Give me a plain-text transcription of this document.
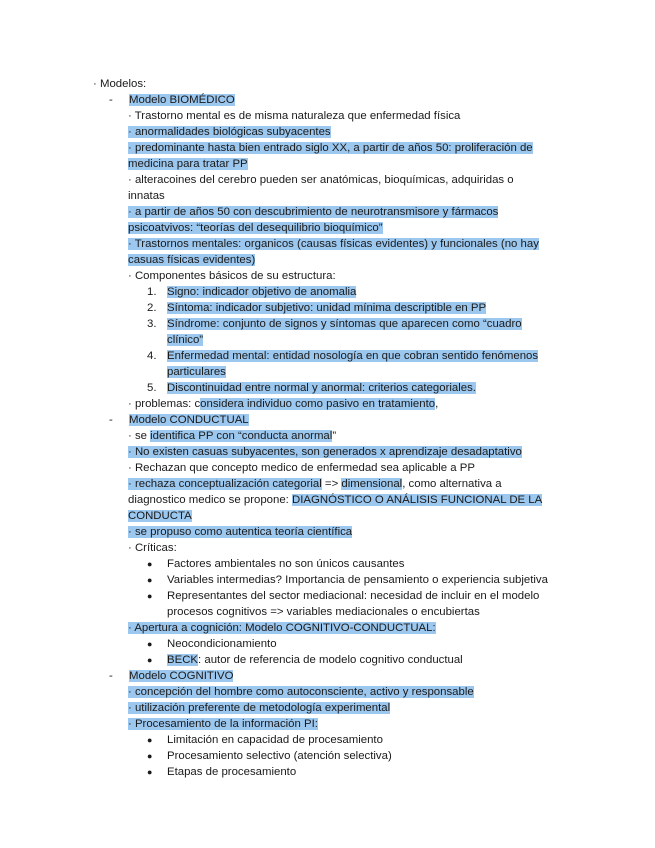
· Modelos:
- Modelo BIOMÉDICO
· Trastorno mental es de misma naturaleza que enfermedad física
· anormalidades biológicas subyacentes
· predominante hasta bien entrado siglo XX, a partir de años 50: proliferación de
medicina para tratar PP
· alteracoines del cerebro pueden ser anatómicas, bioquímicas, adquiridas o
innatas
· a partir de años 50 con descubrimiento de neurotransmisore y fármacos
psicoatvivos: “teorías del desequilibrio bioquímico”
· Trastornos mentales: organicos (causas físicas evidentes) y funcionales (no hay
casuas físicas evidentes)
· Componentes básicos de su estructura:
1. Signo: indicador objetivo de anomalia
2. Síntoma: indicador subjetivo: unidad mínima descriptible en PP
3. Síndrome: conjunto de signos y síntomas que aparecen como “cuadro
clínico”
4. Enfermedad mental: entidad nosología en que cobran sentido fenómenos
particulares
5. Discontinuidad entre normal y anormal: criterios categoriales.
· problemas: considera individuo como pasivo en tratamiento,
- Modelo CONDUCTUAL
· se identifica PP con “conducta anormal”
· No existen casuas subyacentes, son generados x aprendizaje desadaptativo
· Rechazan que concepto medico de enfermedad sea aplicable a PP
· rechaza conceptualización categorial => dimensional, como alternativa a
diagnostico medico se propone: DIAGNÓSTICO O ANÁLISIS FUNCIONAL DE LA
CONDUCTA
· se propuso como autentica teoría científica
· Críticas:
● Factores ambientales no son únicos causantes
● Variables intermedias? Importancia de pensamiento o experiencia subjetiva
● Representantes del sector mediacional: necesidad de incluir en el modelo
procesos cognitivos => variables mediacionales o encubiertas
· Apertura a cognición: Modelo COGNITIVO-CONDUCTUAL:
● Neocondicionamiento
● BECK: autor de referencia de modelo cognitivo conductual
- Modelo COGNITIVO
· concepción del hombre como autoconsciente, activo y responsable
· utilización preferente de metodología experimental
· Procesamiento de la información PI:
● Limitación en capacidad de procesamiento
● Procesamiento selectivo (atención selectiva)
● Etapas de procesamiento
